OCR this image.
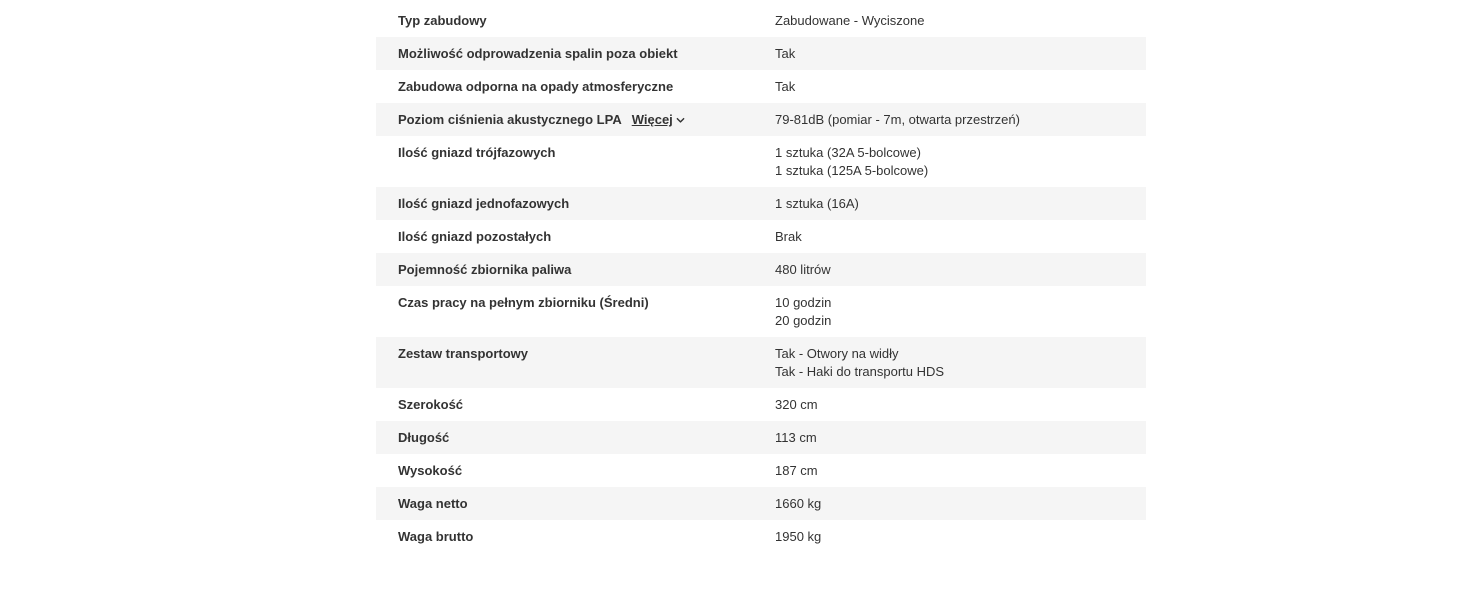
Typ zabudowy	Zabudowane - Wyciszone
Możliwość odprowadzenia spalin poza obiekt	Tak
Zabudowa odporna na opady atmosferyczne	Tak
Poziom ciśnienia akustycznego LPA Więcej	79-81dB (pomiar - 7m, otwarta przestrzeń)
Ilość gniazd trójfazowych	1 sztuka (32A 5-bolcowe)
1 sztuka (125A 5-bolcowe)
Ilość gniazd jednofazowych	1 sztuka (16A)
Ilość gniazd pozostałych	Brak
Pojemność zbiornika paliwa	480 litrów
Czas pracy na pełnym zbiorniku (Średni)	10 godzin
20 godzin
Zestaw transportowy	Tak - Otwory na widły
Tak - Haki do transportu HDS
Szerokość	320 cm
Długość	113 cm
Wysokość	187 cm
Waga netto	1660 kg
Waga brutto	1950 kg
